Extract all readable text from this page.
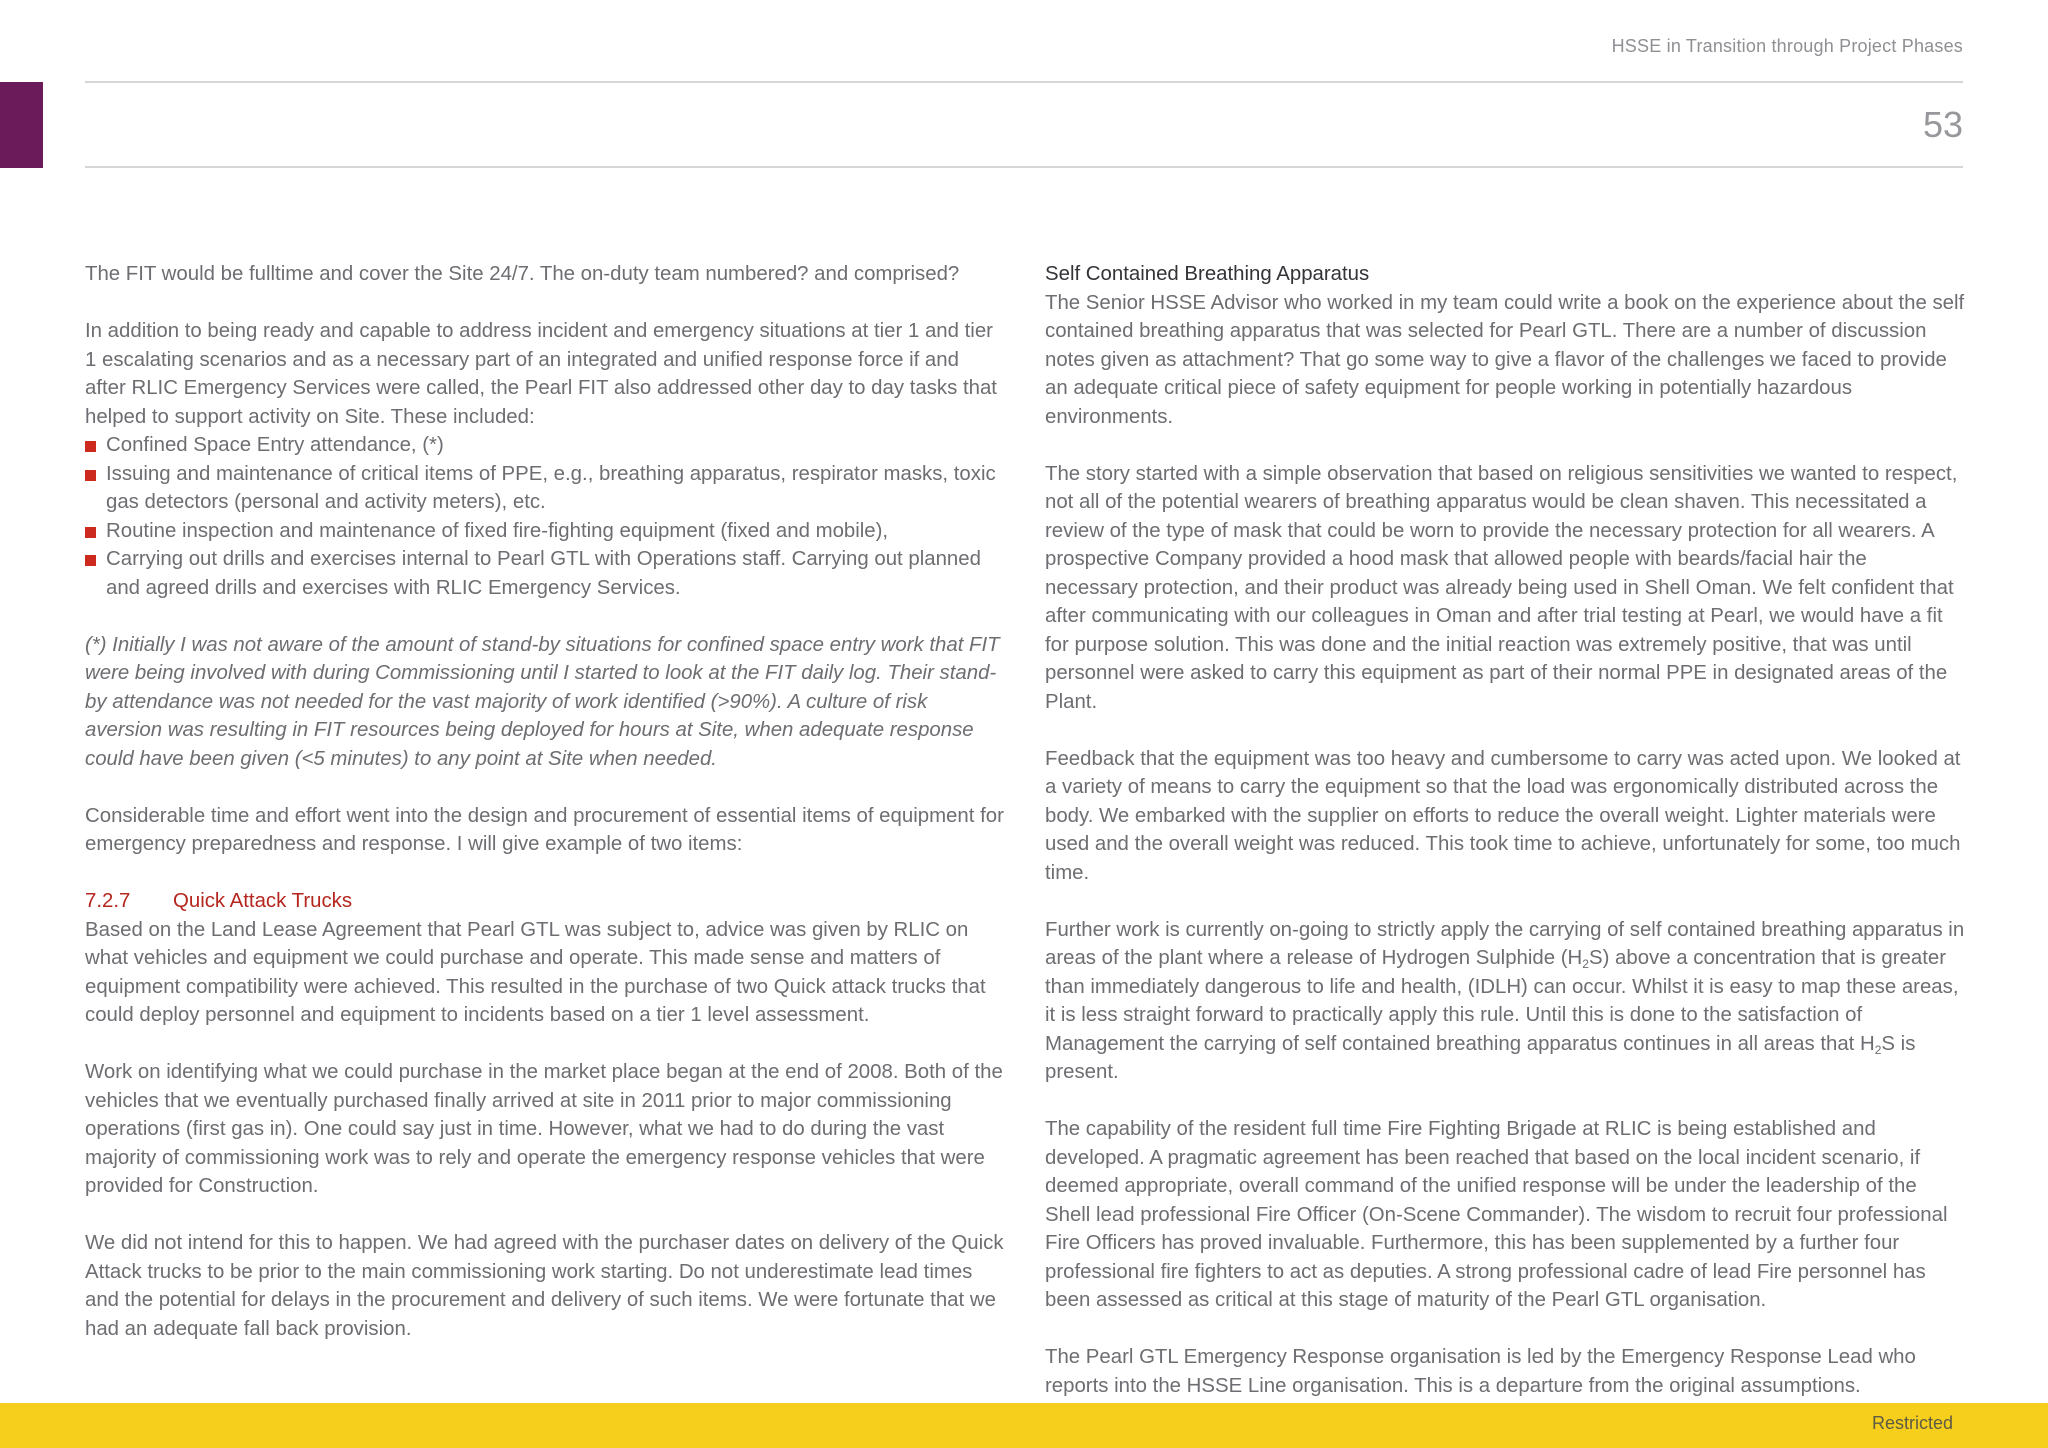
HSSE in Transition through Project Phases
53

The FIT would be fulltime and cover the Site 24/7. The on-duty team numbered? and comprised?

In addition to being ready and capable to address incident and emergency situations at tier 1 and tier 1 escalating scenarios and as a necessary part of an integrated and unified response force if and after RLIC Emergency Services were called, the Pearl FIT also addressed other day to day tasks that helped to support activity on Site. These included:

Confined Space Entry attendance, (*)
Issuing and maintenance of critical items of PPE, e.g., breathing apparatus, respirator masks, toxic gas detectors (personal and activity meters), etc.
Routine inspection and maintenance of fixed fire-fighting equipment (fixed and mobile),
Carrying out drills and exercises internal to Pearl GTL with Operations staff. Carrying out planned and agreed drills and exercises with RLIC Emergency Services.

(*) Initially I was not aware of the amount of stand-by situations for confined space entry work that FIT were being involved with during Commissioning until I started to look at the FIT daily log. Their stand-by attendance was not needed for the vast majority of work identified (>90%). A culture of risk aversion was resulting in FIT resources being deployed for hours at Site, when adequate response could have been given (<5 minutes) to any point at Site when needed.

Considerable time and effort went into the design and procurement of essential items of equipment for emergency preparedness and response. I will give example of two items:

7.2.7 Quick Attack Trucks

Based on the Land Lease Agreement that Pearl GTL was subject to, advice was given by RLIC on what vehicles and equipment we could purchase and operate. This made sense and matters of equipment compatibility were achieved. This resulted in the purchase of two Quick attack trucks that could deploy personnel and equipment to incidents based on a tier 1 level assessment.

Work on identifying what we could purchase in the market place began at the end of 2008. Both of the vehicles that we eventually purchased finally arrived at site in 2011 prior to major commissioning operations (first gas in). One could say just in time. However, what we had to do during the vast majority of commissioning work was to rely and operate the emergency response vehicles that were provided for Construction.

We did not intend for this to happen. We had agreed with the purchaser dates on delivery of the Quick Attack trucks to be prior to the main commissioning work starting. Do not underestimate lead times and the potential for delays in the procurement and delivery of such items. We were fortunate that we had an adequate fall back provision.

Self Contained Breathing Apparatus

The Senior HSSE Advisor who worked in my team could write a book on the experience about the self contained breathing apparatus that was selected for Pearl GTL. There are a number of discussion notes given as attachment? That go some way to give a flavor of the challenges we faced to provide an adequate critical piece of safety equipment for people working in potentially hazardous environments.

The story started with a simple observation that based on religious sensitivities we wanted to respect, not all of the potential wearers of breathing apparatus would be clean shaven. This necessitated a review of the type of mask that could be worn to provide the necessary protection for all wearers. A prospective Company provided a hood mask that allowed people with beards/facial hair the necessary protection, and their product was already being used in Shell Oman. We felt confident that after communicating with our colleagues in Oman and after trial testing at Pearl, we would have a fit for purpose solution. This was done and the initial reaction was extremely positive, that was until personnel were asked to carry this equipment as part of their normal PPE in designated areas of the Plant.

Feedback that the equipment was too heavy and cumbersome to carry was acted upon. We looked at a variety of means to carry the equipment so that the load was ergonomically distributed across the body. We embarked with the supplier on efforts to reduce the overall weight. Lighter materials were used and the overall weight was reduced. This took time to achieve, unfortunately for some, too much time.

Further work is currently on-going to strictly apply the carrying of self contained breathing apparatus in areas of the plant where a release of Hydrogen Sulphide $(H_2S)$ above a concentration that is greater than immediately dangerous to life and health, (IDLH) can occur. Whilst it is easy to map these areas, it is less straight forward to practically apply this rule. Until this is done to the satisfaction of Management the carrying of self contained breathing apparatus continues in all areas that $H_2S$ is present.

The capability of the resident full time Fire Fighting Brigade at RLIC is being established and developed. A pragmatic agreement has been reached that based on the local incident scenario, if deemed appropriate, overall command of the unified response will be under the leadership of the Shell lead professional Fire Officer (On-Scene Commander). The wisdom to recruit four professional Fire Officers has proved invaluable. Furthermore, this has been supplemented by a further four professional fire fighters to act as deputies. A strong professional cadre of lead Fire personnel has been assessed as critical at this stage of maturity of the Pearl GTL organisation.

The Pearl GTL Emergency Response organisation is led by the Emergency Response Lead who reports into the HSSE Line organisation. This is a departure from the original assumptions.

Restricted
